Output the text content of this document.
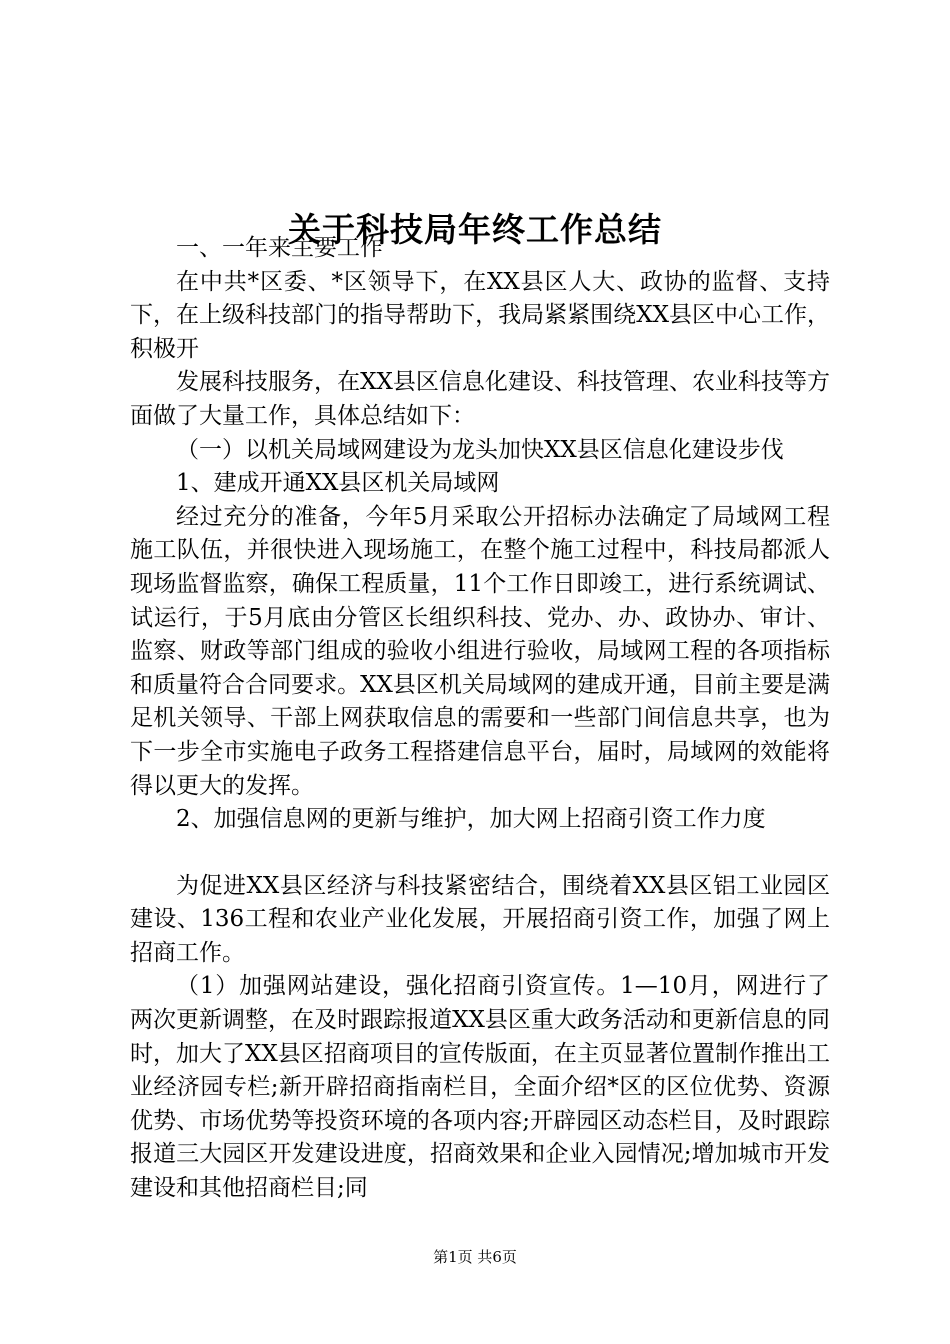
关于科技局年终工作总结

一、一年来主要工作

在中共*区委、*区领导下，在XX县区人大、政协的监督、支持下，在上级科技部门的指导帮助下，我局紧紧围绕XX县区中心工作，积极开

发展科技服务，在XX县区信息化建设、科技管理、农业科技等方面做了大量工作，具体总结如下：

（一）以机关局域网建设为龙头加快XX县区信息化建设步伐

1、建成开通XX县区机关局域网

经过充分的准备，今年5月采取公开招标办法确定了局域网工程施工队伍，并很快进入现场施工，在整个施工过程中，科技局都派人现场监督监察，确保工程质量，11个工作日即竣工，进行系统调试、试运行，于5月底由分管区长组织科技、党办、办、政协办、审计、监察、财政等部门组成的验收小组进行验收，局域网工程的各项指标和质量符合合同要求。XX县区机关局域网的建成开通，目前主要是满足机关领导、干部上网获取信息的需要和一些部门间信息共享，也为下一步全市实施电子政务工程搭建信息平台，届时，局域网的效能将得以更大的发挥。

2、加强信息网的更新与维护，加大网上招商引资工作力度

为促进XX县区经济与科技紧密结合，围绕着XX县区铝工业园区建设、136工程和农业产业化发展，开展招商引资工作，加强了网上招商工作。

（1）加强网站建设，强化招商引资宣传。1—10月，网进行了两次更新调整，在及时跟踪报道XX县区重大政务活动和更新信息的同时，加大了XX县区招商项目的宣传版面，在主页显著位置制作推出工业经济园专栏;新开辟招商指南栏目，全面介绍*区的区位优势、资源优势、市场优势等投资环境的各项内容;开辟园区动态栏目，及时跟踪报道三大园区开发建设进度，招商效果和企业入园情况;增加城市开发建设和其他招商栏目;同

第1页 共6页
